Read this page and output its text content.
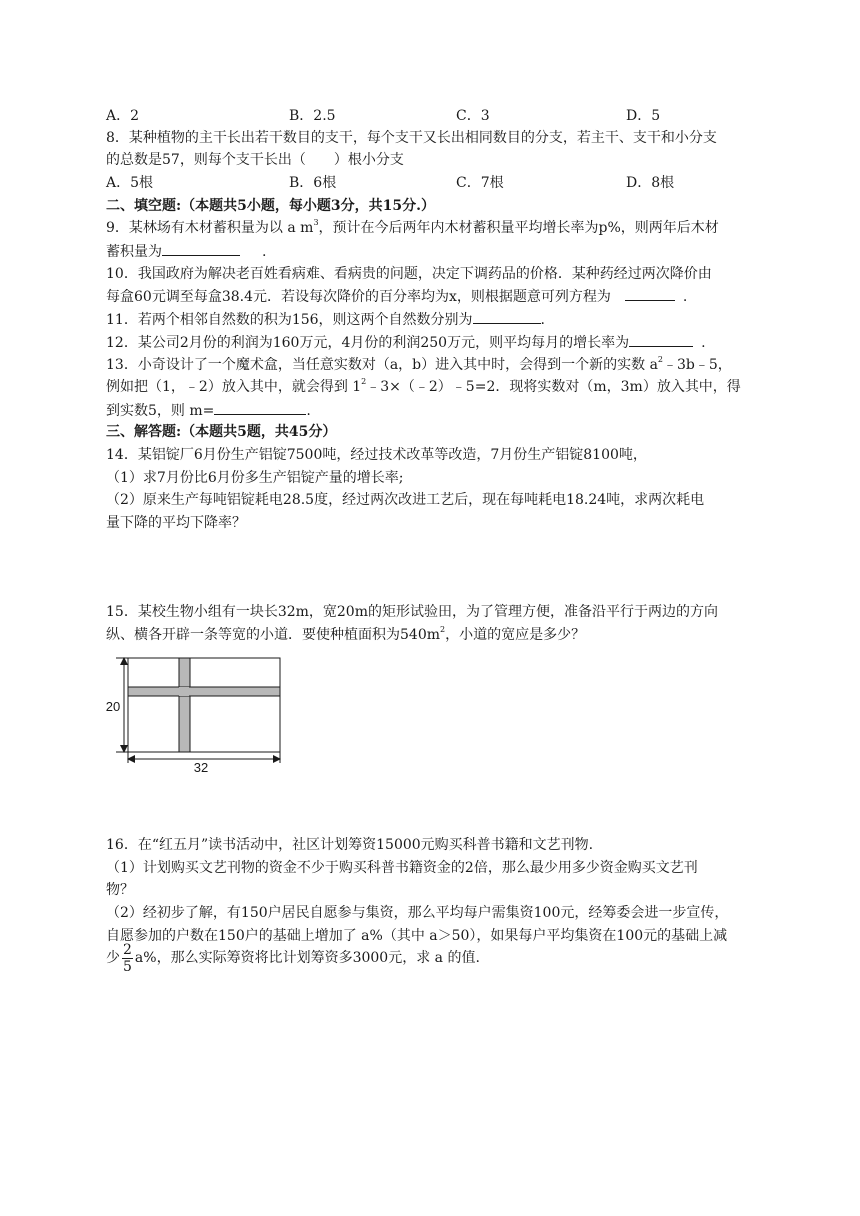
A．2	B．2.5	C．3	D．5
8．某种植物的主干长出若干数目的支干，每个支干又长出相同数目的分支，若主干、支干和小分支
的总数是57，则每个支干长出（　　）根小分支
A．5根	B．6根	C．7根	D．8根
二、填空题:（本题共5小题，每小题3分，共15分.）
9．某林场有木材蓄积量为以 a $m^3$，预计在今后两年内木材蓄积量平均增长率为p%，则两年后木材
蓄积量为	.
10．我国政府为解决老百姓看病难、看病贵的问题，决定下调药品的价格．某种药经过两次降价由
每盒60元调至每盒38.4元．若设每次降价的百分率均为x，则根据题意可列方程为	.
11．若两个相邻自然数的积为156，则这两个自然数分别为	.
12．某公司2月份的利润为160万元，4月份的利润250万元，则平均每月的增长率为	.
13．小奇设计了一个魔术盒，当任意实数对（a，b）进入其中时，会得到一个新的实数 $a^2﹣3b﹣5$，
例如把（1，﹣2）放入其中，就会得到 $1^2﹣3\times(﹣2)﹣5=2$．现将实数对（m，3m）放入其中，得
到实数5，则 m=	.
三、解答题:（本题共5题，共45分）
14．某铝锭厂6月份生产铝锭7500吨，经过技术改革等改造，7月份生产铝锭8100吨，
（1）求7月份比6月份多生产铝锭产量的增长率;
（2）原来生产每吨铝锭耗电28.5度，经过两次改进工艺后，现在每吨耗电18.24吨，求两次耗电
量下降的平均下降率？
15．某校生物小组有一块长32m，宽20m的矩形试验田，为了管理方便，准备沿平行于两边的方向
纵、横各开辟一条等宽的小道．要使种植面积为$540m^2$，小道的宽应是多少？
20
32
16．在“红五月”读书活动中，社区计划筹资15000元购买科普书籍和文艺刊物.
（1）计划购买文艺刊物的资金不少于购买科普书籍资金的2倍，那么最少用多少资金购买文艺刊
物？
（2）经初步了解，有150户居民自愿参与集资，那么平均每户需集资100元，经筹委会进一步宣传，
自愿参加的户数在150户的基础上增加了 a%（其中 a＞50），如果每户平均集资在100元的基础上减
少 $\frac{2}{5} a\%$，那么实际筹资将比计划筹资多3000元，求 a 的值.
